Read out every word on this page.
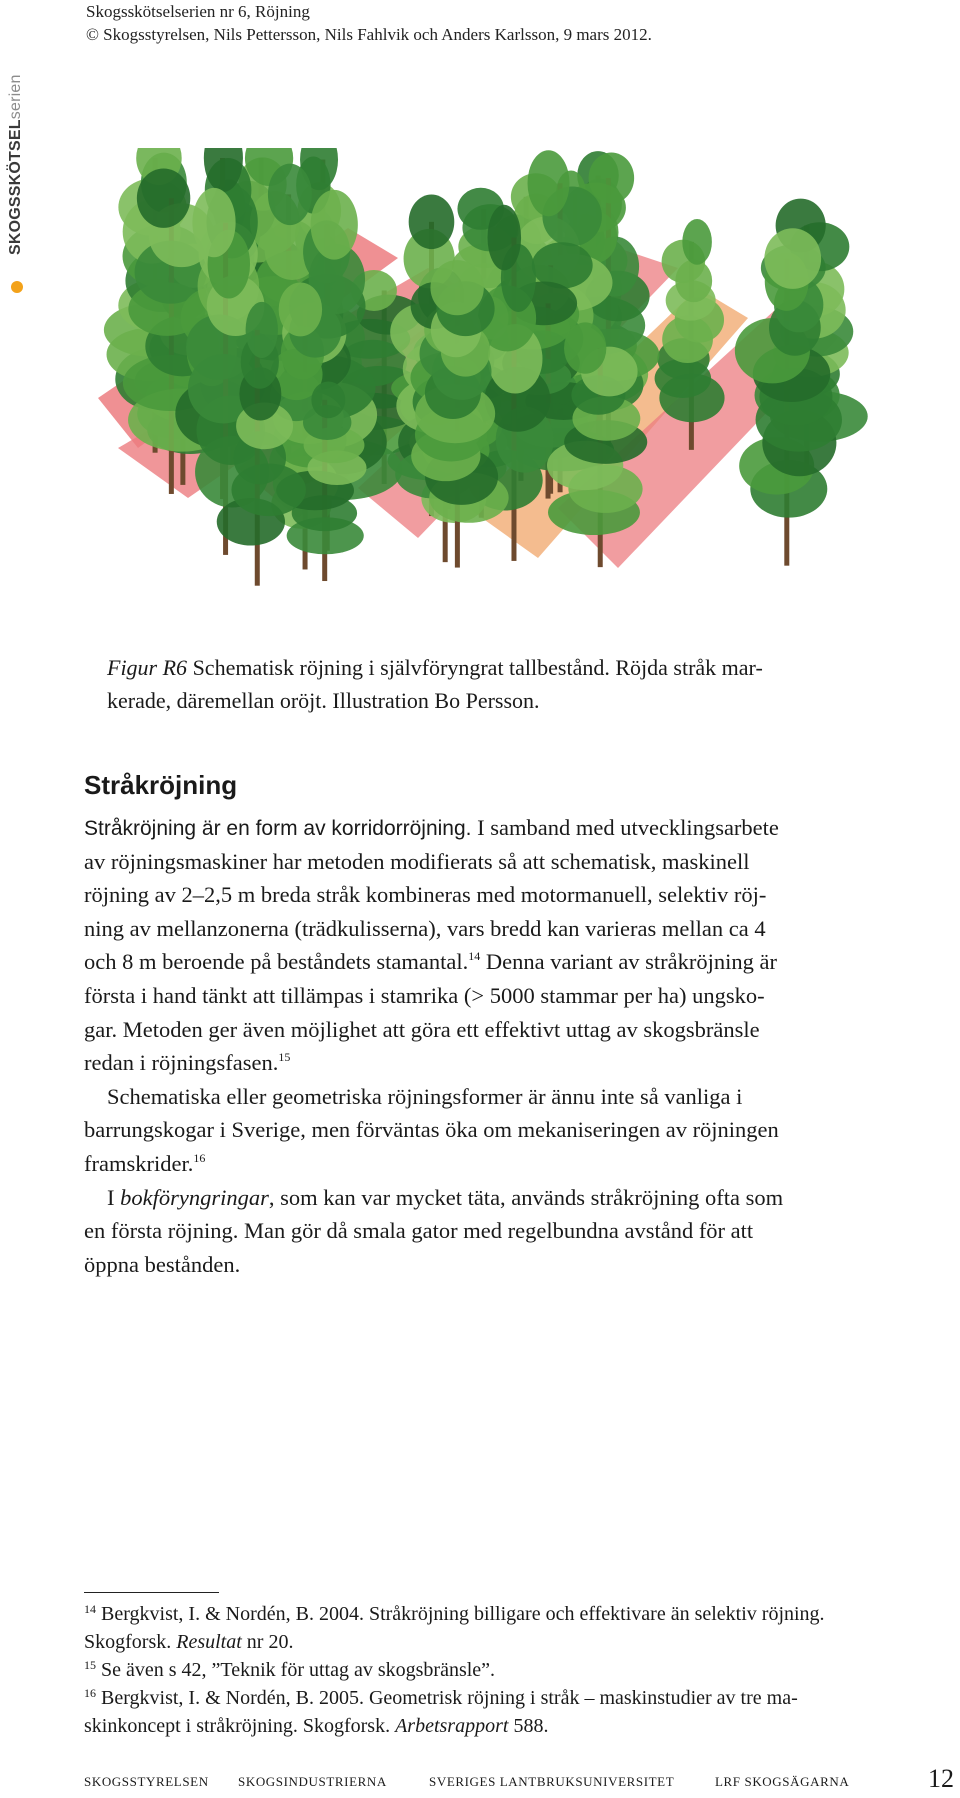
Skogsskötselserien nr 6, Röjning
© Skogsstyrelsen, Nils Pettersson, Nils Fahlvik och Anders Karlsson, 9 mars 2012.
SKOGSSKÖTSELserien
Figur R6 Schematisk röjning i självföryngrat tallbestånd. Röjda stråk mar-
kerade, däremellan oröjt. Illustration Bo Persson.
Stråkröjning
Stråkröjning är en form av korridorröjning. I samband med utvecklingsarbete
av röjningsmaskiner har metoden modifierats så att schematisk, maskinell
röjning av 2–2,5 m breda stråk kombineras med motormanuell, selektiv röj-
ning av mellanzonerna (trädkulisserna), vars bredd kan varieras mellan ca 4
och 8 m beroende på beståndets stamantal.$^{14}$ Denna variant av stråkröjning är
första i hand tänkt att tillämpas i stamrika (> 5000 stammar per ha) ungsko-
gar. Metoden ger även möjlighet att göra ett effektivt uttag av skogsbränsle
redan i röjningsfasen.$^{15}$
Schematiska eller geometriska röjningsformer är ännu inte så vanliga i
barrungskogar i Sverige, men förväntas öka om mekaniseringen av röjningen
framskrider.$^{16}$
I bokföryngringar, som kan var mycket täta, används stråkröjning ofta som
en första röjning. Man gör då smala gator med regelbundna avstånd för att
öppna bestånden.
$^{14}$ Bergkvist, I. & Nordén, B. 2004. Stråkröjning billigare och effektivare än selektiv röjning.
Skogforsk. Resultat nr 20.
$^{15}$ Se även s 42, ”Teknik för uttag av skogsbränsle”.
$^{16}$ Bergkvist, I. & Nordén, B. 2005. Geometrisk röjning i stråk – maskinstudier av tre ma-
skinkoncept i stråkröjning. Skogforsk. Arbetsrapport 588.
SKOGSSTYRELSEN SKOGSINDUSTRIERNA	SVERIGES LANTBRUKSUNIVERSITET	LRF SKOGSÄGARNA	12
